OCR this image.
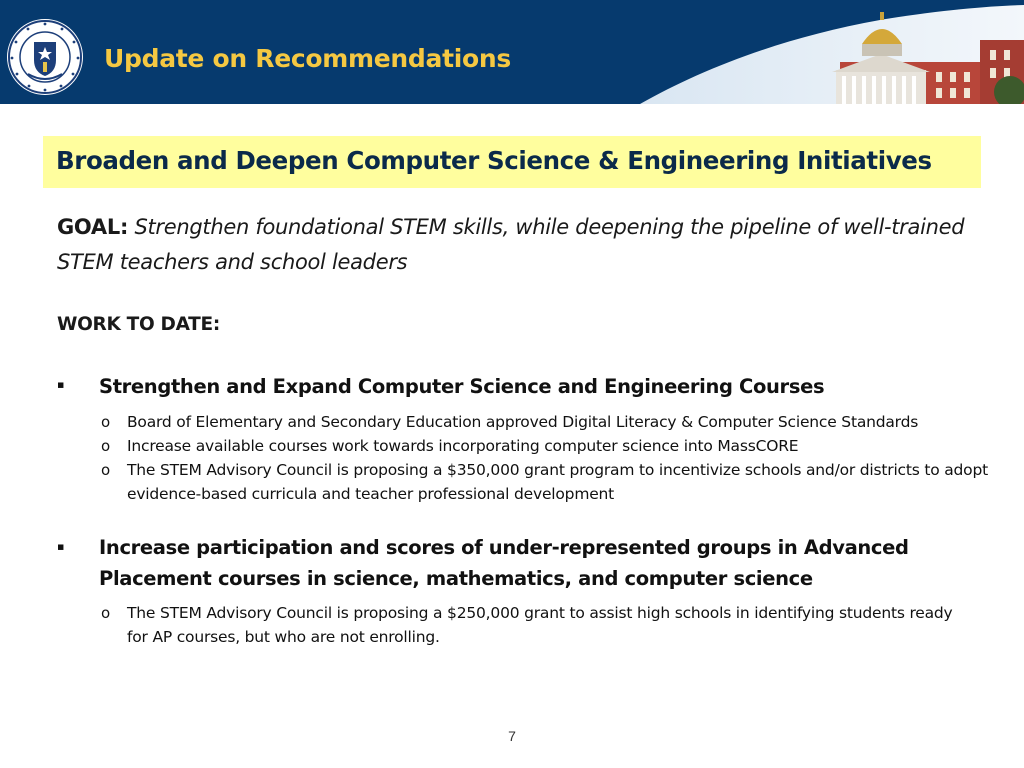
Update on Recommendations
Broaden and Deepen Computer Science & Engineering Initiatives
GOAL: Strengthen foundational STEM skills, while deepening the pipeline of well-trained STEM teachers and school leaders
WORK TO DATE:
▪ Strengthen and Expand Computer Science and Engineering Courses
o Board of Elementary and Secondary Education approved Digital Literacy & Computer Science Standards
o Increase available courses work towards incorporating computer science into MassCORE
o The STEM Advisory Council is proposing a $350,000 grant program to incentivize schools and/or districts to adopt evidence-based curricula and teacher professional development
▪ Increase participation and scores of under-represented groups in Advanced Placement courses in science, mathematics, and computer science
o The STEM Advisory Council is proposing a $250,000 grant to assist high schools in identifying students ready for AP courses, but who are not enrolling.
7
